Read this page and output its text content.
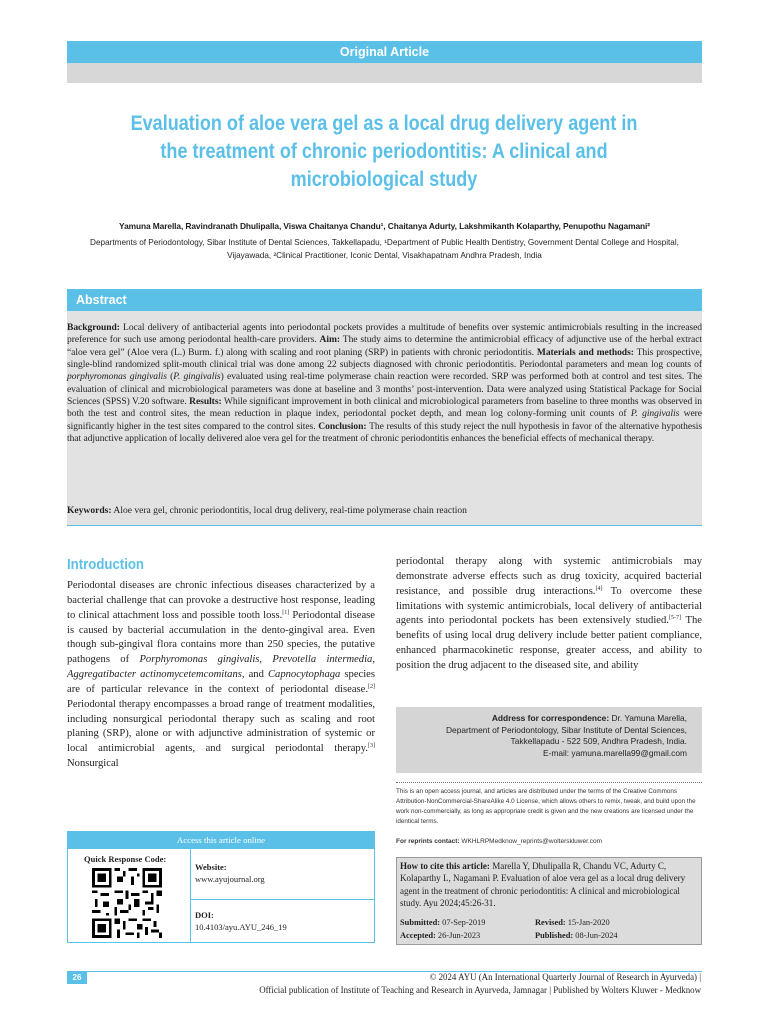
Original Article
Evaluation of aloe vera gel as a local drug delivery agent in the treatment of chronic periodontitis: A clinical and microbiological study
Yamuna Marella, Ravindranath Dhulipalla, Viswa Chaitanya Chandu¹, Chaitanya Adurty, Lakshmikanth Kolaparthy, Penupothu Nagamani²
Departments of Periodontology, Sibar Institute of Dental Sciences, Takkellapadu, ¹Department of Public Health Dentistry, Government Dental College and Hospital,
Vijayawada, ²Clinical Practitioner, Iconic Dental, Visakhapatnam Andhra Pradesh, India
Abstract
Background: Local delivery of antibacterial agents into periodontal pockets provides a multitude of benefits over systemic antimicrobials resulting in the increased preference for such use among periodontal health-care providers. Aim: The study aims to determine the antimicrobial efficacy of adjunctive use of the herbal extract “aloe vera gel” (Aloe vera (L.) Burm. f.) along with scaling and root planing (SRP) in patients with chronic periodontitis. Materials and methods: This prospective, single-blind randomized split-mouth clinical trial was done among 22 subjects diagnosed with chronic periodontitis. Periodontal parameters and mean log counts of porphyromonas gingivalis (P. gingivalis) evaluated using real-time polymerase chain reaction were recorded. SRP was performed both at control and test sites. The evaluation of clinical and microbiological parameters was done at baseline and 3 months’ post-intervention. Data were analyzed using Statistical Package for Social Sciences (SPSS) V.20 software. Results: While significant improvement in both clinical and microbiological parameters from baseline to three months was observed in both the test and control sites, the mean reduction in plaque index, periodontal pocket depth, and mean log colony-forming unit counts of P. gingivalis were significantly higher in the test sites compared to the control sites. Conclusion: The results of this study reject the null hypothesis in favor of the alternative hypothesis that adjunctive application of locally delivered aloe vera gel for the treatment of chronic periodontitis enhances the beneficial effects of mechanical therapy.
Keywords: Aloe vera gel, chronic periodontitis, local drug delivery, real-time polymerase chain reaction
Introduction
Periodontal diseases are chronic infectious diseases characterized by a bacterial challenge that can provoke a destructive host response, leading to clinical attachment loss and possible tooth loss.[1] Periodontal disease is caused by bacterial accumulation in the dento-gingival area. Even though sub-gingival flora contains more than 250 species, the putative pathogens of Porphyromonas gingivalis, Prevotella intermedia, Aggregatibacter actinomycetemcomitans, and Capnocytophaga species are of particular relevance in the context of periodontal disease.[2] Periodontal therapy encompasses a broad range of treatment modalities, including nonsurgical periodontal therapy such as scaling and root planing (SRP), alone or with adjunctive administration of systemic or local antimicrobial agents, and surgical periodontal therapy.[3] Nonsurgical
periodontal therapy along with systemic antimicrobials may demonstrate adverse effects such as drug toxicity, acquired bacterial resistance, and possible drug interactions.[4] To overcome these limitations with systemic antimicrobials, local delivery of antibacterial agents into periodontal pockets has been extensively studied.[5-7] The benefits of using local drug delivery include better patient compliance, enhanced pharmacokinetic response, greater access, and ability to position the drug adjacent to the diseased site, and ability
Address for correspondence: Dr. Yamuna Marella,
Department of Periodontology, Sibar Institute of Dental Sciences,
Takkellapadu - 522 509, Andhra Pradesh, India.
E-mail: yamuna.marella99@gmail.com
This is an open access journal, and articles are distributed under the terms of the Creative Commons Attribution-NonCommercial-ShareAlike 4.0 License, which allows others to remix, tweak, and build upon the work non-commercially, as long as appropriate credit is given and the new creations are licensed under the identical terms.
For reprints contact: WKHLRPMedknow_reprints@wolterskluwer.com
How to cite this article: Marella Y, Dhulipalla R, Chandu VC, Adurty C, Kolaparthy L, Nagamani P. Evaluation of aloe vera gel as a local drug delivery agent in the treatment of chronic periodontitis: A clinical and microbiological study. Ayu 2024;45:26-31.
Submitted: 07-Sep-2019	Revised: 15-Jan-2020
Accepted: 26-Jun-2023	Published: 08-Jun-2024
Access this article online
Quick Response Code:
Website:
www.ayujournal.org
DOI:
10.4103/ayu.AYU_246_19
26	© 2024 AYU (An International Quarterly Journal of Research in Ayurveda) |
Official publication of Institute of Teaching and Research in Ayurveda, Jamnagar | Published by Wolters Kluwer - Medknow
